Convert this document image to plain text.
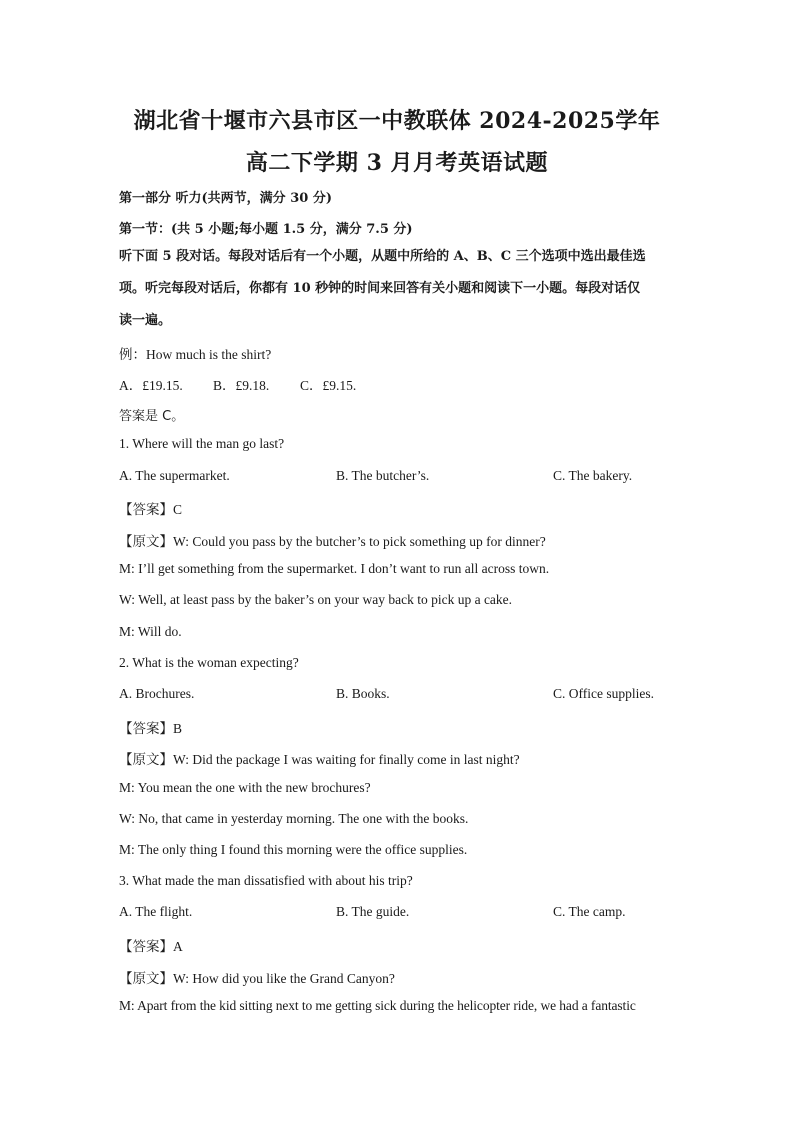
湖北省十堰市六县市区一中教联体 2024-2025学年
高二下学期 3 月月考英语试题
第一部分 听力(共两节，满分 30 分)
第一节：(共 5 小题;每小题 1.5 分，满分 7.5 分)
听下面 5 段对话。每段对话后有一个小题，从题中所给的 A、B、C 三个选项中选出最佳选
项。听完每段对话后，你都有 10 秒钟的时间来回答有关小题和阅读下一小题。每段对话仅
读一遍。
例：How much is the shirt?
A．£19.15. B．£9.18. C．£9.15.
答案是 C。
1. Where will the man go last?
A. The supermarket.	B. The butcher’s.	C. The bakery.
【答案】C
【原文】W: Could you pass by the butcher’s to pick something up for dinner?
M: I’ll get something from the supermarket. I don’t want to run all across town.
W: Well, at least pass by the baker’s on your way back to pick up a cake.
M: Will do.
2. What is the woman expecting?
A. Brochures.	B. Books.	C. Office supplies.
【答案】B
【原文】W: Did the package I was waiting for finally come in last night?
M: You mean the one with the new brochures?
W: No, that came in yesterday morning. The one with the books.
M: The only thing I found this morning were the office supplies.
3. What made the man dissatisfied with about his trip?
A. The flight.	B. The guide.	C. The camp.
【答案】A
【原文】W: How did you like the Grand Canyon?
M: Apart from the kid sitting next to me getting sick during the helicopter ride, we had a fantastic
